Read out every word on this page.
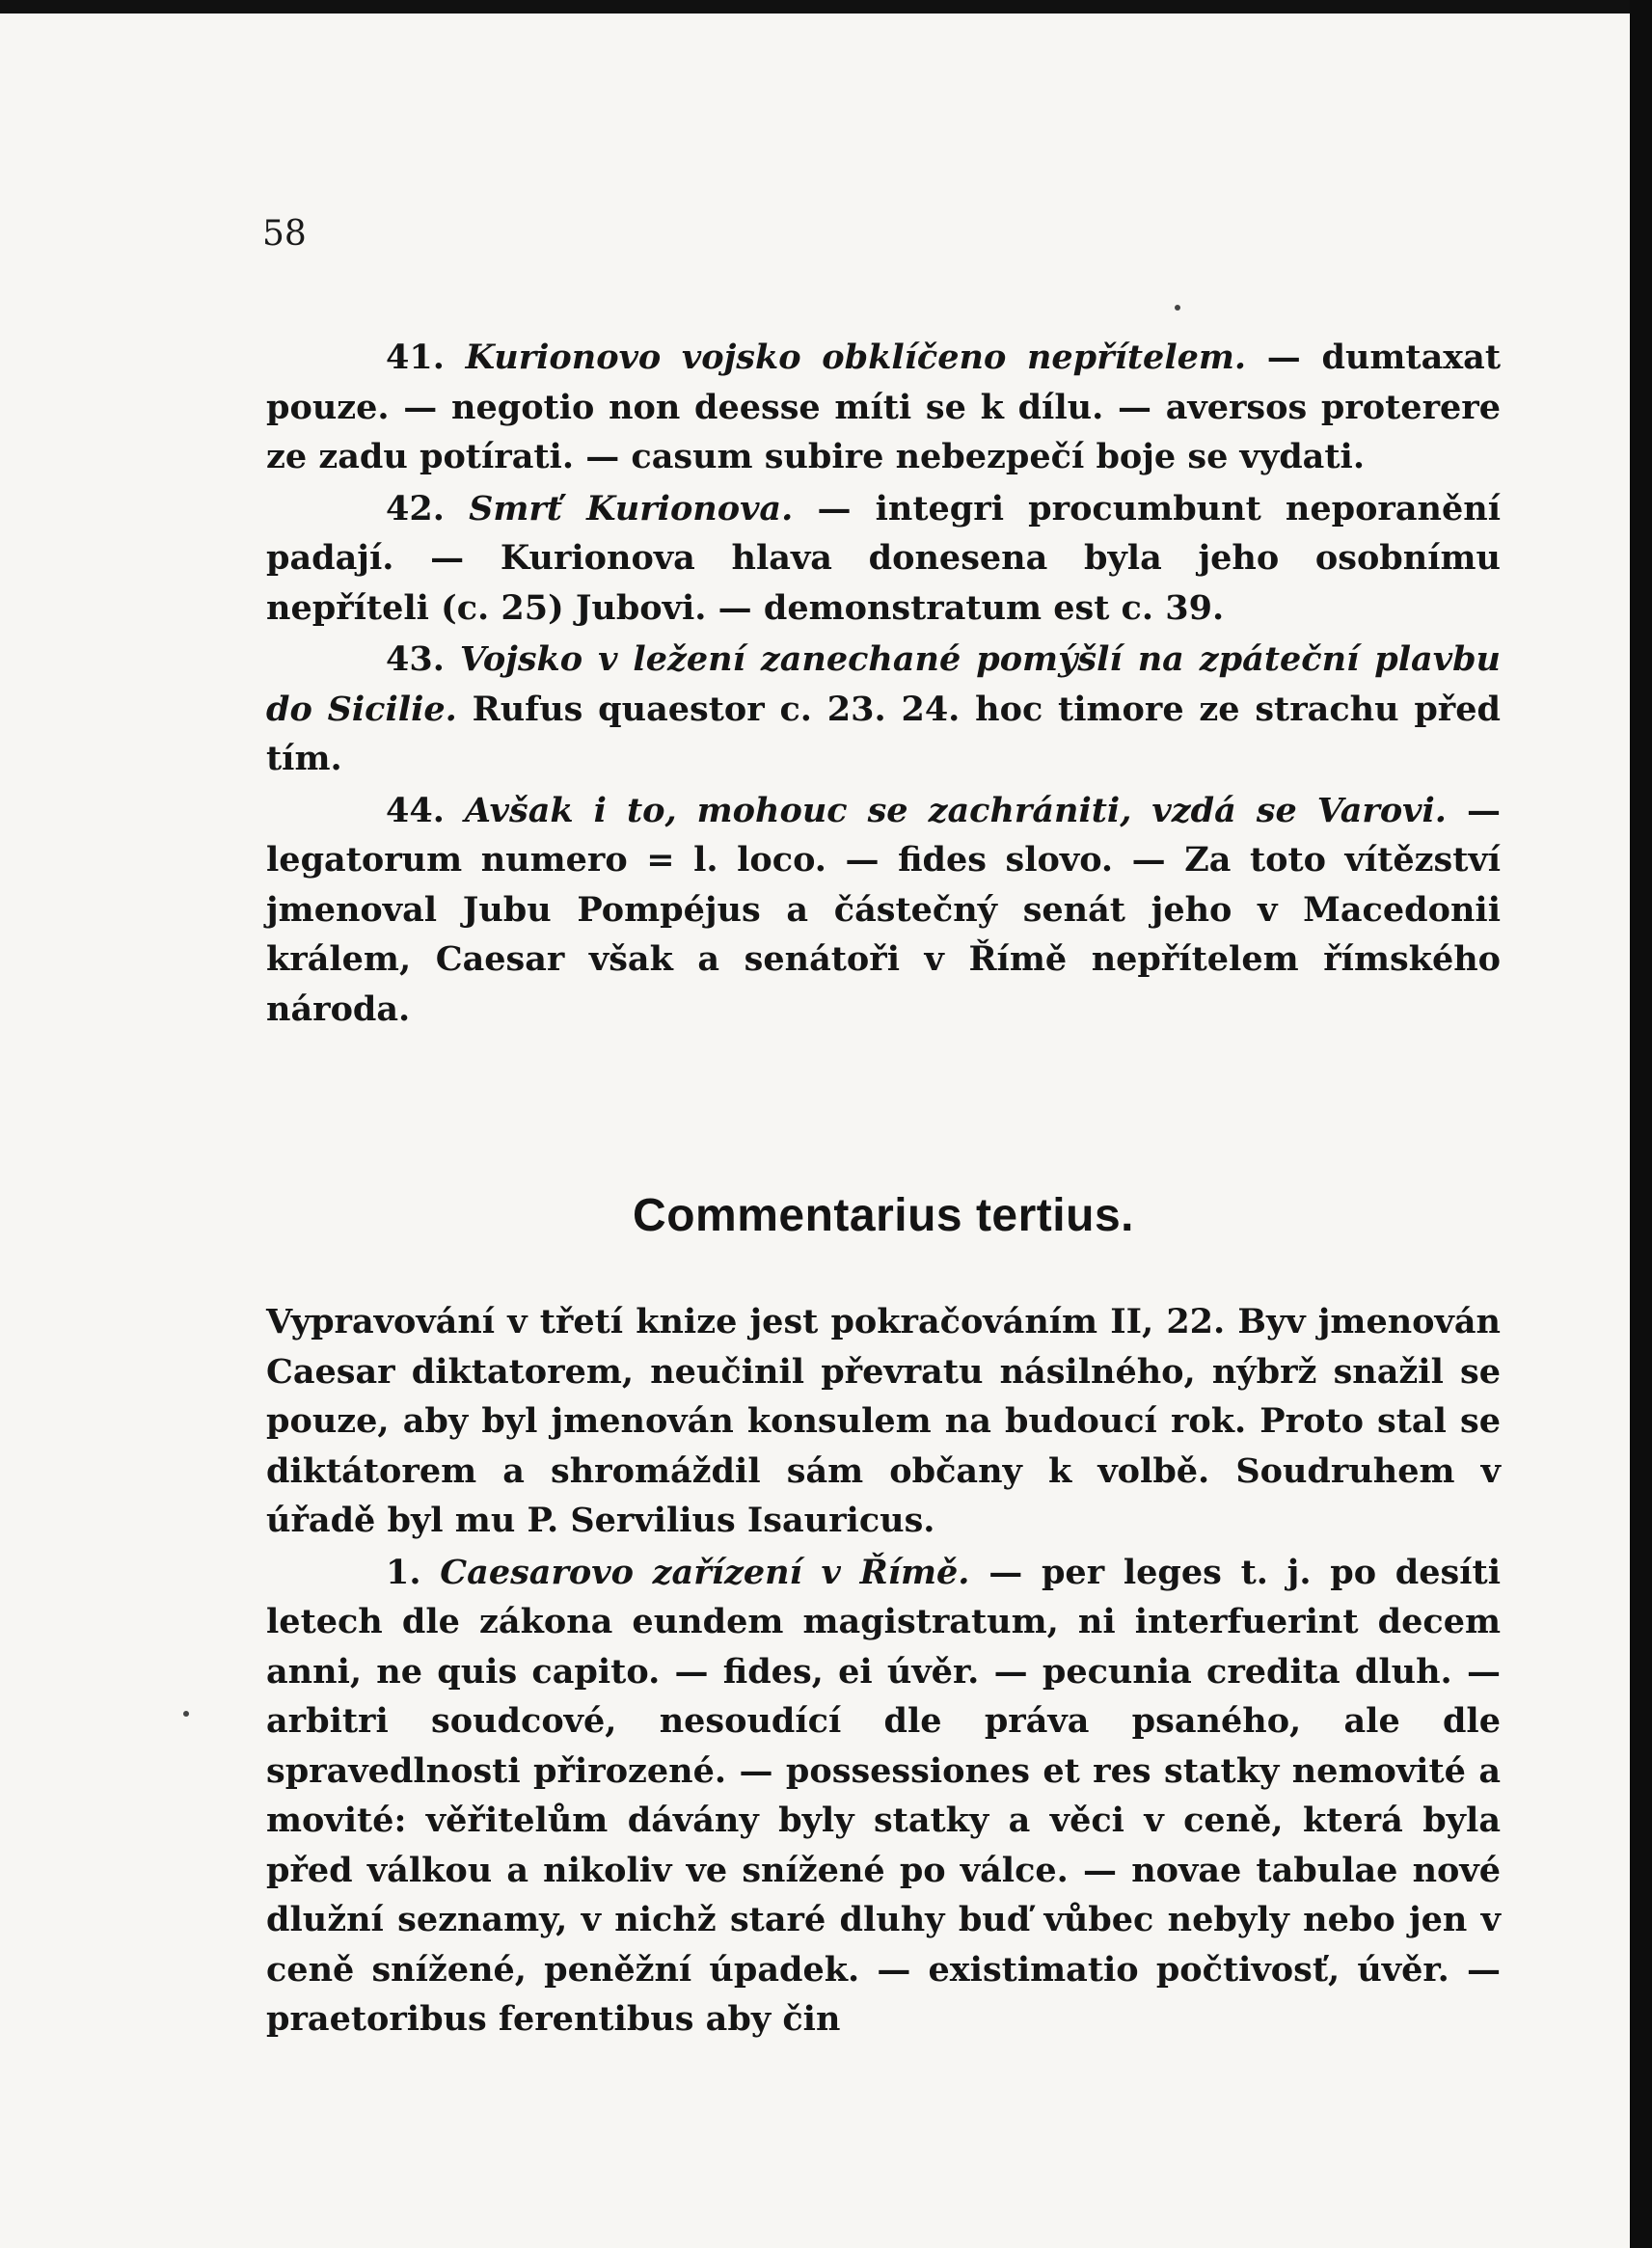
58

41. Kurionovo vojsko obklíčeno nepřítelem. — dumtaxat pouze. — negotio non deesse míti se k dílu. — aversos proterere ze zadu potírati. — casum subire nebezpečí boje se vydati.

42. Smrť Kurionova. — integri procumbunt neporanění padají. — Kurionova hlava donesena byla jeho osobnímu nepříteli (c. 25) Jubovi. — demonstratum est c. 39.

43. Vojsko v ležení zanechané pomýšlí na zpáteční plavbu do Sicilie. Rufus quaestor c. 23. 24. hoc timore ze strachu před tím.

44. Avšak i to, mohouc se zachrániti, vzdá se Varovi. — legatorum numero = l. loco. — fides slovo. — Za toto vítězství jmenoval Jubu Pompéjus a částečný senát jeho v Macedonii králem, Caesar však a senátoři v Římě nepřítelem římského národa.

Commentarius tertius.

Vypravování v třetí knize jest pokračováním II, 22. Byv jmenován Caesar diktatorem, neučinil převratu násilného, nýbrž snažil se pouze, aby byl jmenován konsulem na budoucí rok. Proto stal se diktátorem a shromáždil sám občany k volbě. Soudruhem v úřadě byl mu P. Servilius Isauricus.

1. Caesarovo zařízení v Římě. — per leges t. j. po desíti letech dle zákona eundem magistratum, ni interfuerint decem anni, ne quis capito. — fides, ei úvěr. — pecunia credita dluh. — arbitri soudcové, nesoudící dle práva psaného, ale dle spravedlnosti přirozené. — possessiones et res statky nemovité a movité: věřitelům dávány byly statky a věci v ceně, která byla před válkou a nikoliv ve snížené po válce. — novae tabulae nové dlužní seznamy, v nichž staré dluhy buď vůbec nebyly nebo jen v ceně snížené, peněžní úpadek. — existimatio počtivosť, úvěr. — praetoribus ferentibus aby čin
